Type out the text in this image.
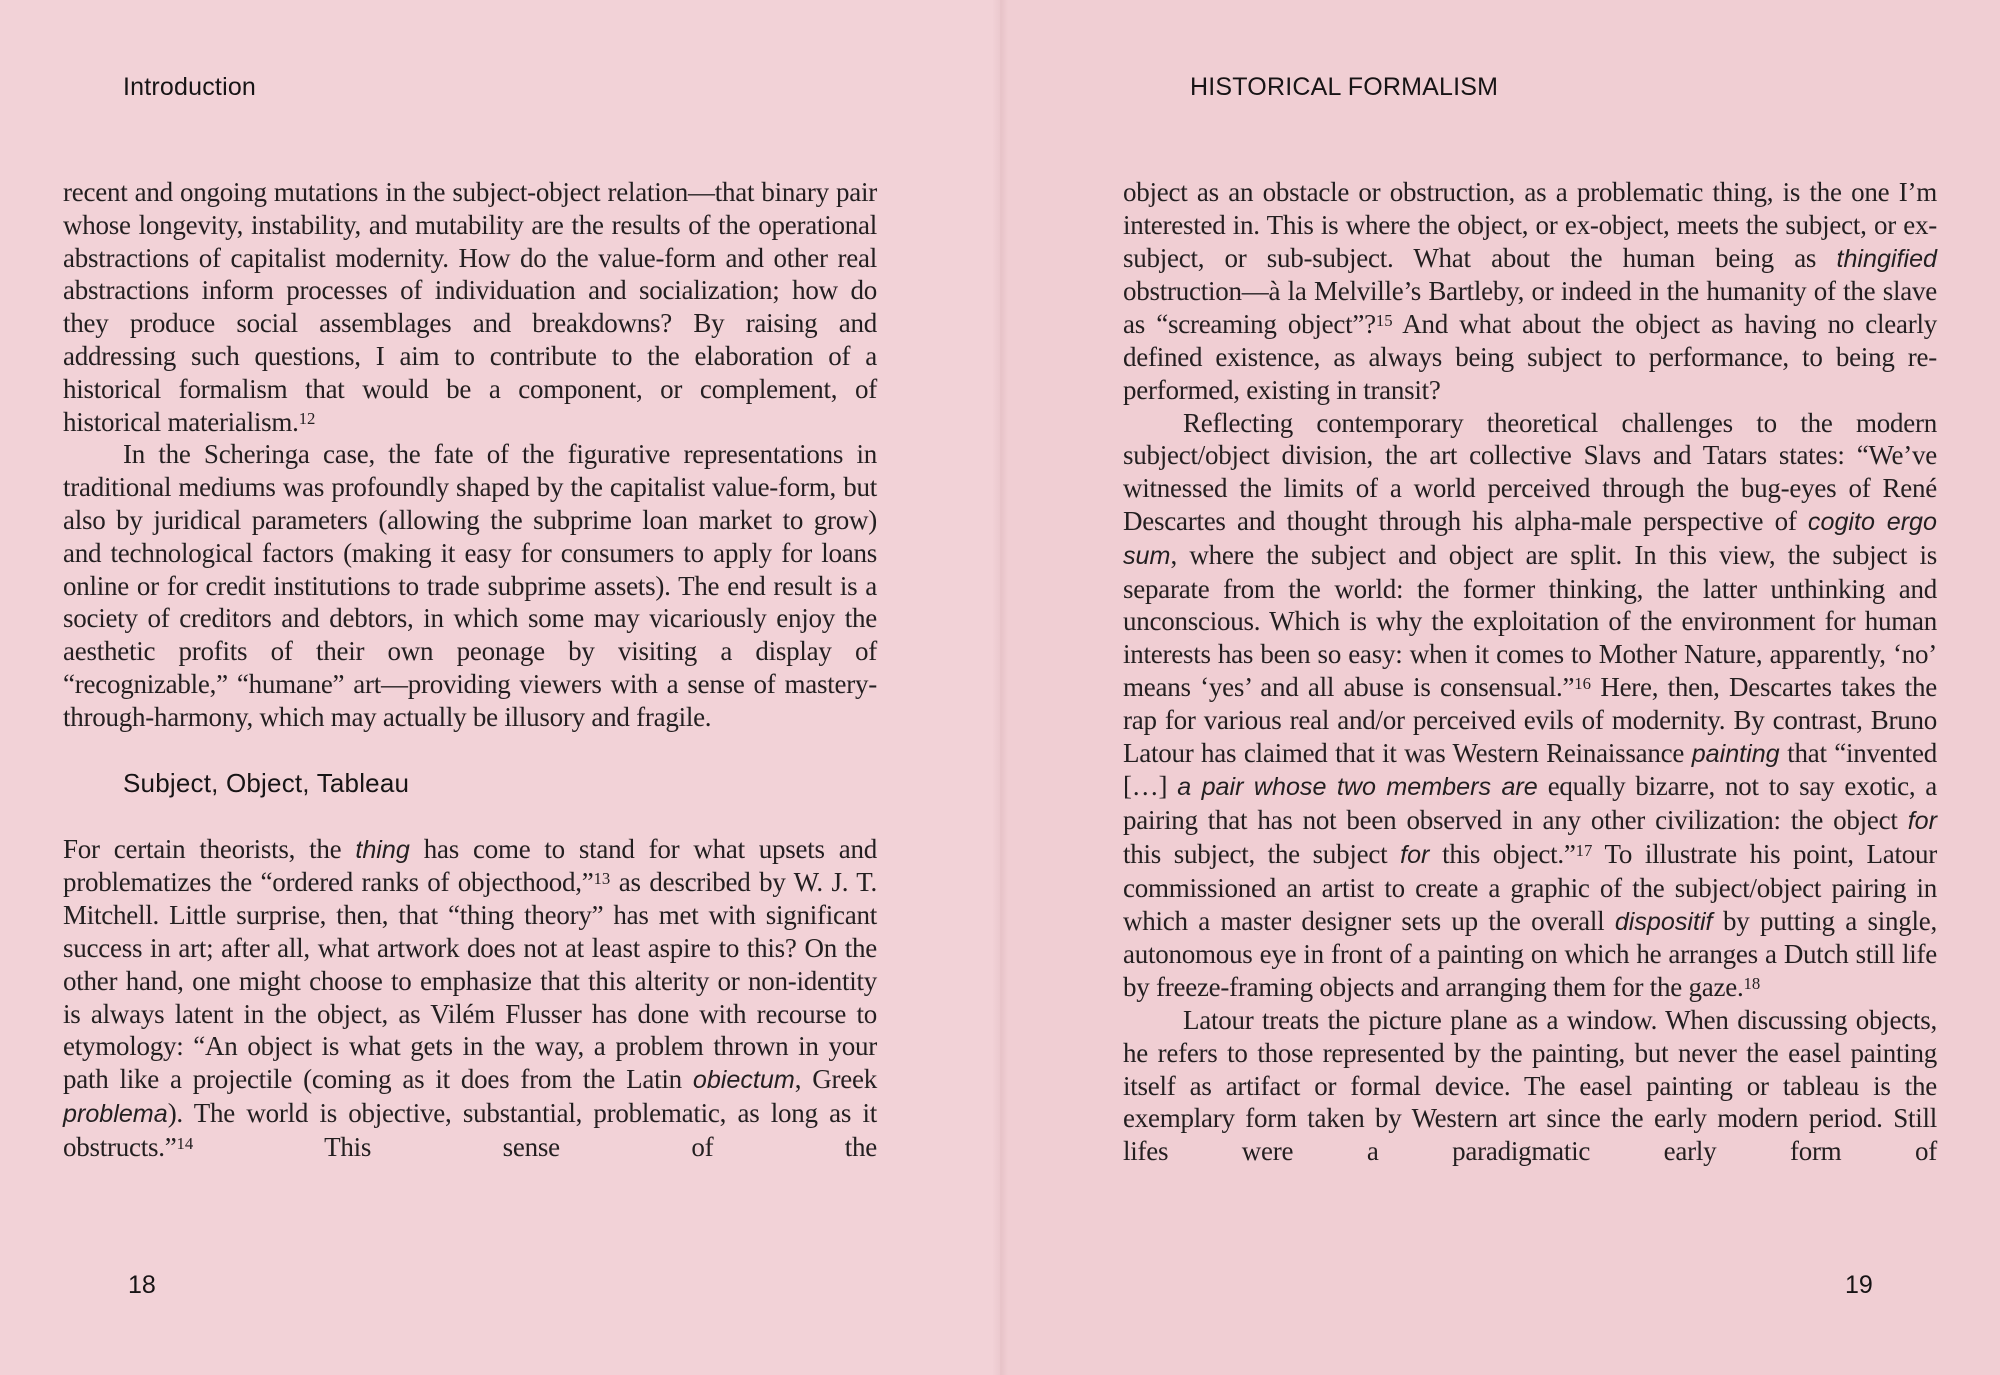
Introduction

recent and ongoing mutations in the subject-object relation—that binary pair whose longevity, instability, and mutability are the results of the operational abstractions of capitalist modernity. How do the value-form and other real abstractions inform processes of individuation and socialization; how do they produce social assemblages and breakdowns? By raising and addressing such questions, I aim to contribute to the elaboration of a historical formalism that would be a component, or complement, of historical materialism.$^{12}$

In the Scheringa case, the fate of the figurative representations in traditional mediums was profoundly shaped by the capitalist value-form, but also by juridical parameters (allowing the subprime loan market to grow) and technological factors (making it easy for consumers to apply for loans online or for credit institutions to trade subprime assets). The end result is a society of creditors and debtors, in which some may vicariously enjoy the aesthetic profits of their own peonage by visiting a display of “recognizable,” “humane” art—providing viewers with a sense of mastery-through-harmony, which may actually be illusory and fragile.

Subject, Object, Tableau

For certain theorists, the thing has come to stand for what upsets and problematizes the “ordered ranks of objecthood,”$^{13}$ as described by W. J. T. Mitchell. Little surprise, then, that “thing theory” has met with significant success in art; after all, what artwork does not at least aspire to this? On the other hand, one might choose to emphasize that this alterity or non-identity is always latent in the object, as Vilém Flusser has done with recourse to etymology: “An object is what gets in the way, a problem thrown in your path like a projectile (coming as it does from the Latin obiectum, Greek problema). The world is objective, substantial, problematic, as long as it obstructs.”$^{14}$ This sense of the

18
HISTORICAL FORMALISM

object as an obstacle or obstruction, as a problematic thing, is the one I’m interested in. This is where the object, or ex-object, meets the subject, or ex-subject, or sub-subject. What about the human being as thingified obstruction—à la Melville’s Bartleby, or indeed in the humanity of the slave as “screaming object”?$^{15}$ And what about the object as having no clearly defined existence, as always being subject to performance, to being re-performed, existing in transit?

Reflecting contemporary theoretical challenges to the modern subject/object division, the art collective Slavs and Tatars states: “We’ve witnessed the limits of a world perceived through the bug-eyes of René Descartes and thought through his alpha-male perspective of cogito ergo sum, where the subject and object are split. In this view, the subject is separate from the world: the former thinking, the latter unthinking and unconscious. Which is why the exploitation of the environment for human interests has been so easy: when it comes to Mother Nature, apparently, ‘no’ means ‘yes’ and all abuse is consensual.”$^{16}$ Here, then, Descartes takes the rap for various real and/or perceived evils of modernity. By contrast, Bruno Latour has claimed that it was Western Reinaissance painting that “invented […] a pair whose two members are equally bizarre, not to say exotic, a pairing that has not been observed in any other civilization: the object for this subject, the subject for this object.”$^{17}$ To illustrate his point, Latour commissioned an artist to create a graphic of the subject/object pairing in which a master designer sets up the overall dispositif by putting a single, autonomous eye in front of a painting on which he arranges a Dutch still life by freeze-framing objects and arranging them for the gaze.$^{18}$

Latour treats the picture plane as a window. When discussing objects, he refers to those represented by the painting, but never the easel painting itself as artifact or formal device. The easel painting or tableau is the exemplary form taken by Western art since the early modern period. Still lifes were a paradigmatic early form of

19
